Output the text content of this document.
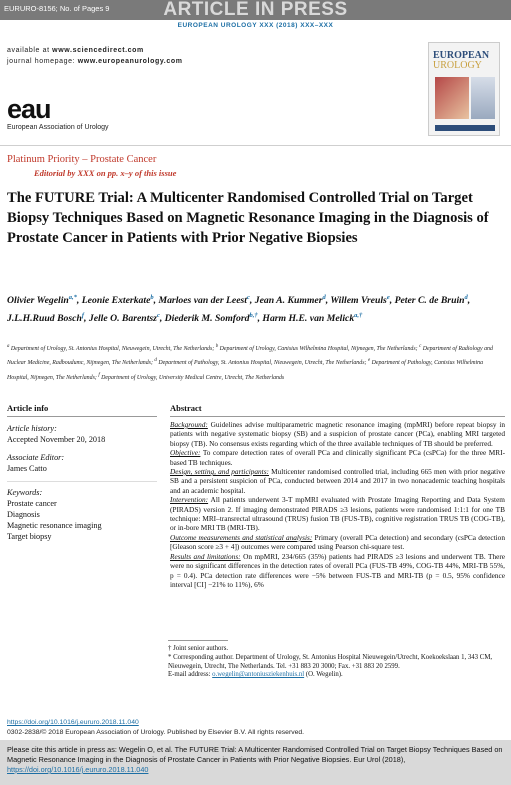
ARTICLE IN PRESS
EURURO-8156; No. of Pages 9
EUROPEAN UROLOGY XXX (2018) XXX–XXX
available at www.sciencedirect.com
journal homepage: www.europeanurology.com
EUROPEAN
UROLOGY
eau
European Association of Urology
Platinum Priority – Prostate Cancer
Editorial by XXX on pp. x–y of this issue
The FUTURE Trial: A Multicenter Randomised Controlled Trial on Target Biopsy Techniques Based on Magnetic Resonance Imaging in the Diagnosis of Prostate Cancer in Patients with Prior Negative Biopsies
Olivier Wegelin$^{a,*}$, Leonie Exterkate$^b$, Marloes van der Leest$^c$, Jean A. Kummer$^d$, Willem Vreuls$^e$, Peter C. de Bruin$^d$, J.L.H.Ruud Bosch$^f$, Jelle O. Barentsz$^c$, Diederik M. Somford$^{b,\dagger}$, Harm H.E. van Melick$^{a,\dagger}$
$^a$ Department of Urology, St. Antonius Hospital, Nieuwegein, Utrecht, The Netherlands; $^b$ Department of Urology, Canisius Wilhelmina Hospital, Nijmegen, The Netherlands; $^c$ Department of Radiology and Nuclear Medicine, Radboudumc, Nijmegen, The Netherlands; $^d$ Department of Pathology, St. Antonius Hospital, Nieuwegein, Utrecht, The Netherlands; $^e$ Department of Pathology, Canisius Wilhelmina Hospital, Nijmegen, The Netherlands; $^f$ Department of Urology, University Medical Centre, Utrecht, The Netherlands
Article info	Abstract
Article history:
Accepted November 20, 2018
Associate Editor:
James Catto
Keywords:
Prostate cancer
Diagnosis
Magnetic resonance imaging
Target biopsy

Background: Guidelines advise multiparametric magnetic resonance imaging (mpMRI) before repeat biopsy in patients with negative systematic biopsy (SB) and a suspicion of prostate cancer (PCa), enabling MRI targeted biopsy (TB). No consensus exists regarding which of the three available techniques of TB should be preferred.

Objective: To compare detection rates of overall PCa and clinically significant PCa (csPCa) for the three MRI-based TB techniques.

Design, setting, and participants: Multicenter randomised controlled trial, including 665 men with prior negative SB and a persistent suspicion of PCa, conducted between 2014 and 2017 in two nonacademic teaching hospitals and an academic hospital.

Intervention: All patients underwent 3-T mpMRI evaluated with Prostate Imaging Reporting and Data System (PIRADS) version 2. If imaging demonstrated PIRADS ≥3 lesions, patients were randomised 1:1:1 for one TB technique: MRI–transrectal ultrasound (TRUS) fusion TB (FUS-TB), cognitive registration TRUS TB (COG-TB), or in-bore MRI TB (MRI-TB).

Outcome measurements and statistical analysis: Primary (overall PCa detection) and secondary (csPCa detection [Gleason score ≥3 + 4]) outcomes were compared using Pearson chi-square test.

Results and limitations: On mpMRI, 234/665 (35%) patients had PIRADS ≥3 lesions and underwent TB. There were no significant differences in the detection rates of overall PCa (FUS-TB 49%, COG-TB 44%, MRI-TB 55%, p = 0.4). PCa detection rate differences were −5% between FUS-TB and MRI-TB (p = 0.5, 95% confidence interval [CI] −21% to 11%), 6%

† Joint senior authors.
* Corresponding author. Department of Urology, St. Antonius Hospital Nieuwegein/Utrecht, Koekoekslaan 1, 343 CM, Nieuwegein, Utrecht, The Netherlands. Tel. +31 883 20 3000; Fax. +31 883 20 2599.
E-mail address: o.wegelin@antoniusziekenhuis.nl (O. Wegelin).
https://doi.org/10.1016/j.eururo.2018.11.040
0302-2838/© 2018 European Association of Urology. Published by Elsevier B.V. All rights reserved.
Please cite this article in press as: Wegelin O, et al. The FUTURE Trial: A Multicenter Randomised Controlled Trial on Target Biopsy Techniques Based on Magnetic Resonance Imaging in the Diagnosis of Prostate Cancer in Patients with Prior Negative Biopsies. Eur Urol (2018), https://doi.org/10.1016/j.eururo.2018.11.040
